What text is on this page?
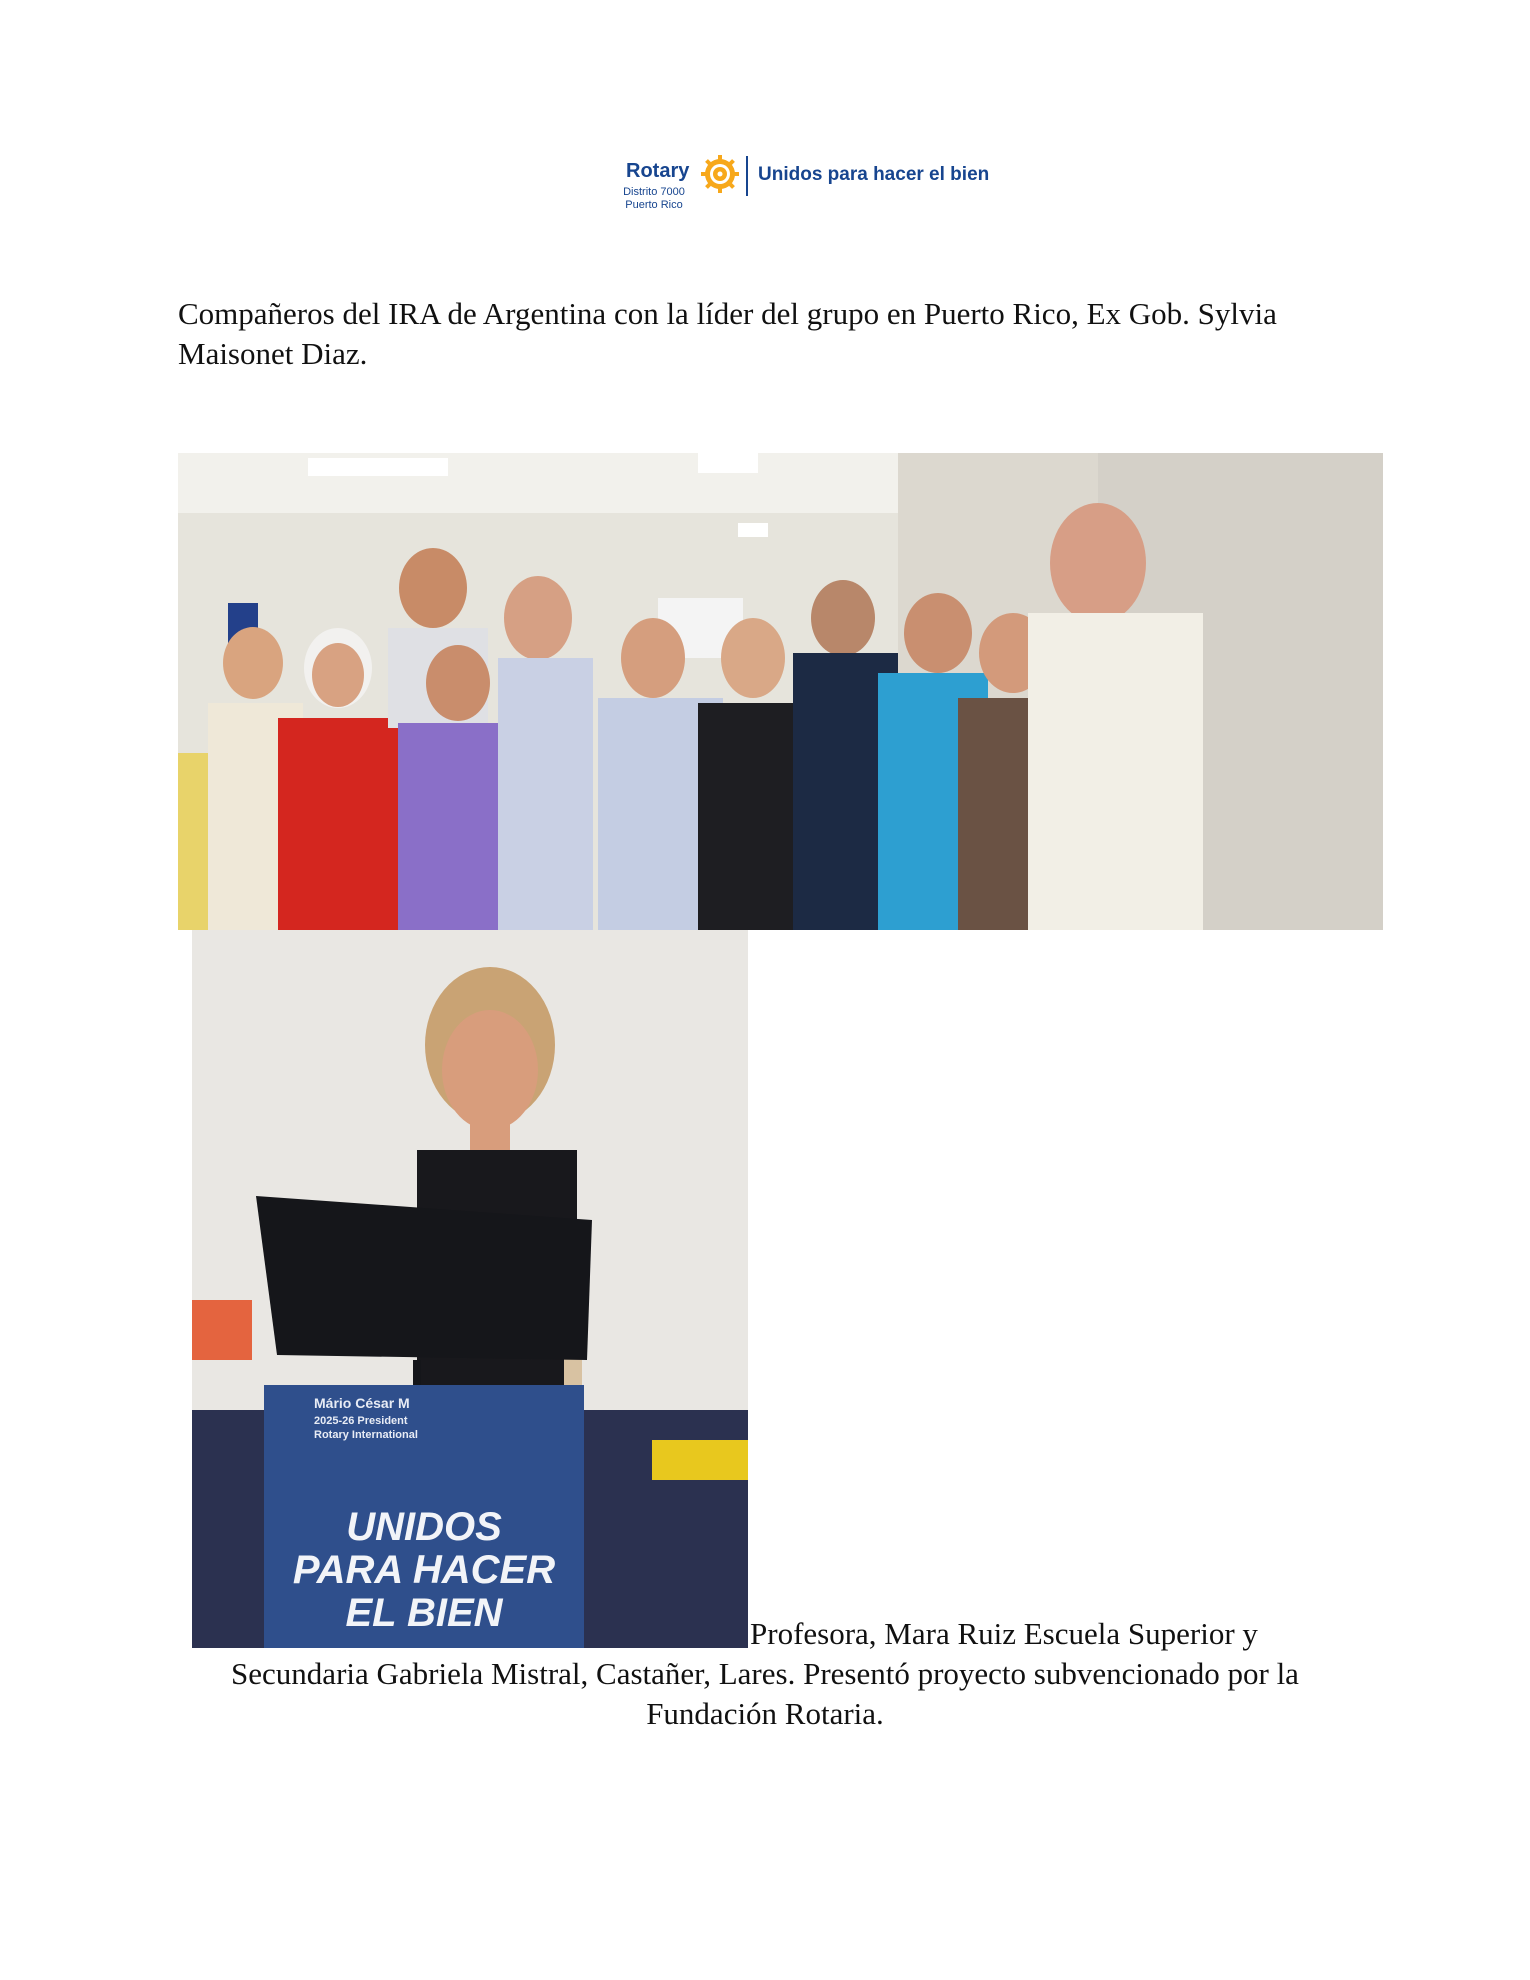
Rotary
Distrito 7000
Puerto Rico
Unidos para hacer el bien
Compañeros del IRA de Argentina con la líder del grupo en Puerto Rico, Ex Gob. Sylvia Maisonet Diaz.
Mário César M
2025-26 President
Rotary International
UNIDOS
PARA HACER
EL BIEN	Profesora, Mara Ruiz Escuela Superior y
Secundaria Gabriela Mistral, Castañer, Lares. Presentó proyecto subvencionado por la Fundación Rotaria.
